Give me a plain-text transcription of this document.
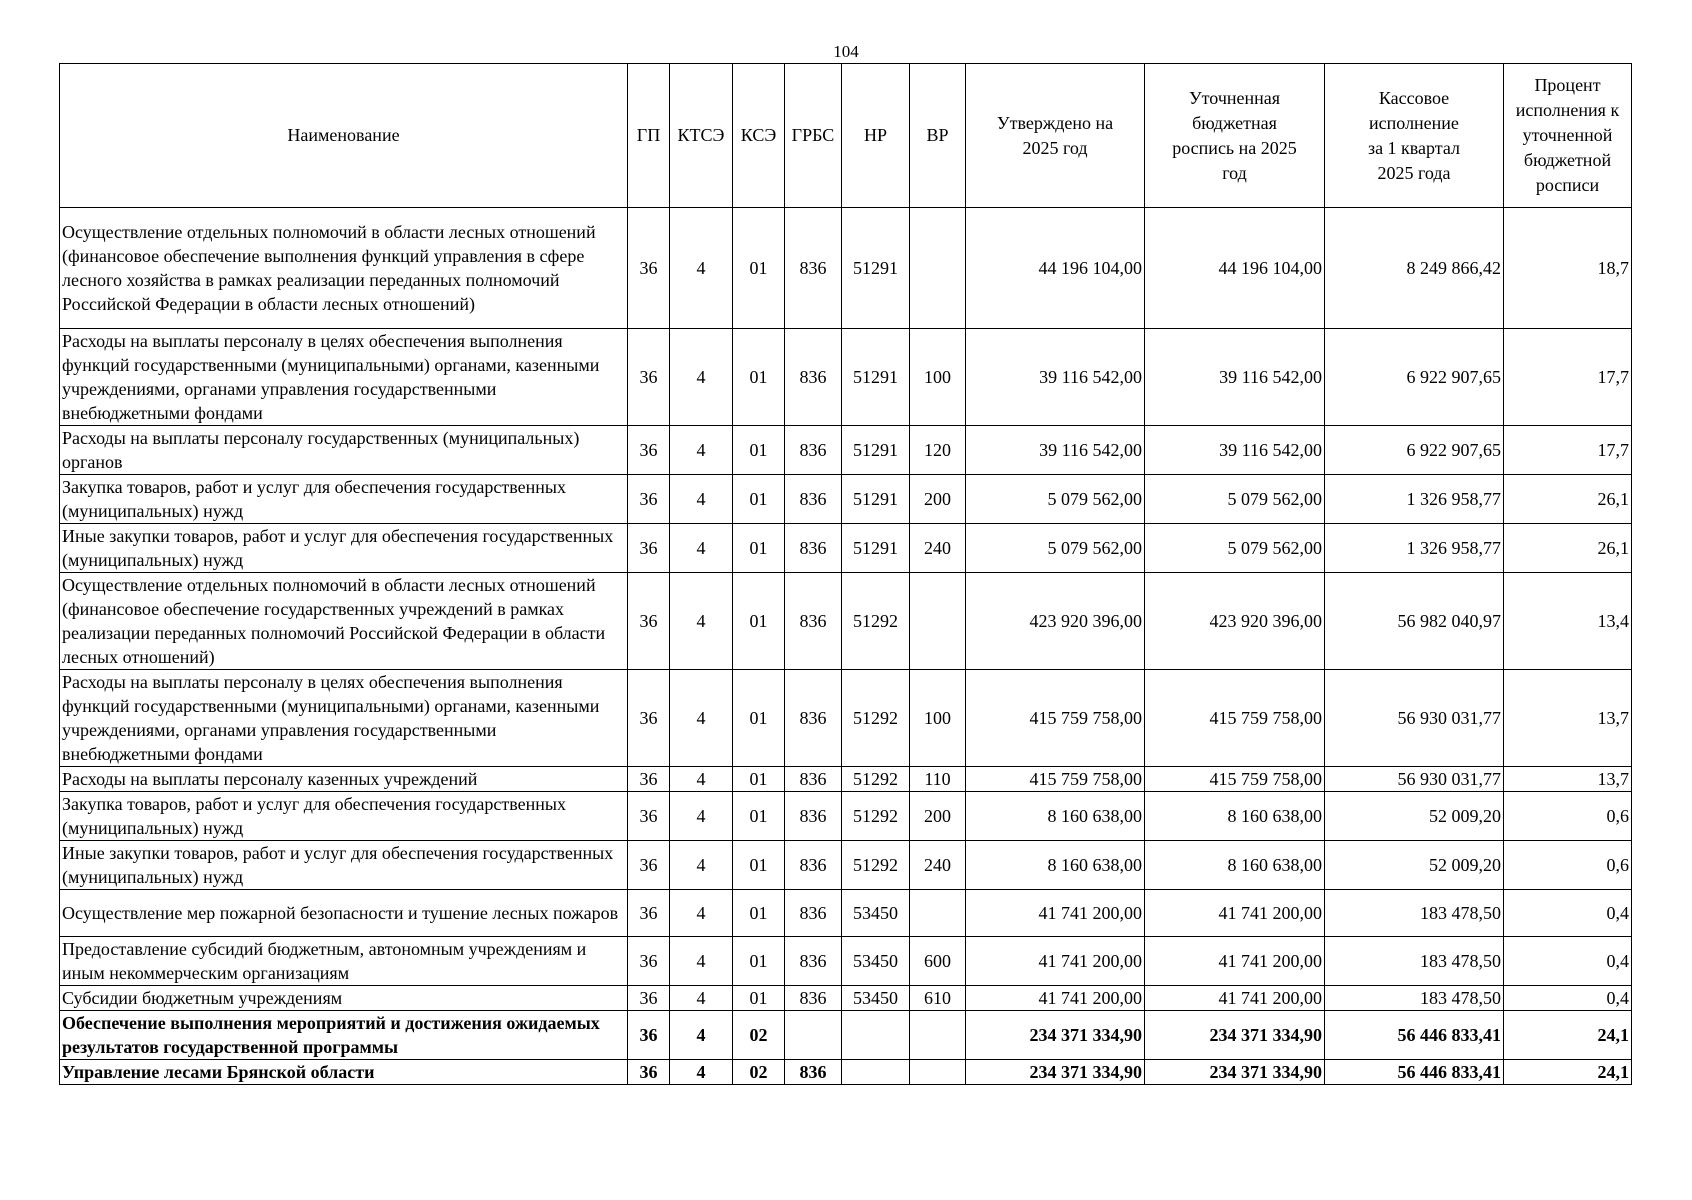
104
Наименование	ГП	КТСЭ	КСЭ	ГРБС	НР	ВР	Утверждено на 2025 год	Уточненная бюджетная роспись на 2025 год	Кассовое исполнение за 1 квартал 2025 года	Процент исполнения к уточненной бюджетной росписи
Осуществление отдельных полномочий в области лесных отношений (финансовое обеспечение выполнения функций управления в сфере лесного хозяйства в рамках реализации переданных полномочий Российской Федерации в области лесных отношений)	36	4	01	836	51291		44 196 104,00	44 196 104,00	8 249 866,42	18,7
Расходы на выплаты персоналу в целях обеспечения выполнения функций государственными (муниципальными) органами, казенными учреждениями, органами управления государственными внебюджетными фондами	36	4	01	836	51291	100	39 116 542,00	39 116 542,00	6 922 907,65	17,7
Расходы на выплаты персоналу государственных (муниципальных) органов	36	4	01	836	51291	120	39 116 542,00	39 116 542,00	6 922 907,65	17,7
Закупка товаров, работ и услуг для обеспечения государственных (муниципальных) нужд	36	4	01	836	51291	200	5 079 562,00	5 079 562,00	1 326 958,77	26,1
Иные закупки товаров, работ и услуг для обеспечения государственных (муниципальных) нужд	36	4	01	836	51291	240	5 079 562,00	5 079 562,00	1 326 958,77	26,1
Осуществление отдельных полномочий в области лесных отношений (финансовое обеспечение государственных учреждений в рамках реализации переданных полномочий Российской Федерации в области лесных отношений)	36	4	01	836	51292		423 920 396,00	423 920 396,00	56 982 040,97	13,4
Расходы на выплаты персоналу в целях обеспечения выполнения функций государственными (муниципальными) органами, казенными учреждениями, органами управления государственными внебюджетными фондами	36	4	01	836	51292	100	415 759 758,00	415 759 758,00	56 930 031,77	13,7
Расходы на выплаты персоналу казенных учреждений	36	4	01	836	51292	110	415 759 758,00	415 759 758,00	56 930 031,77	13,7
Закупка товаров, работ и услуг для обеспечения государственных (муниципальных) нужд	36	4	01	836	51292	200	8 160 638,00	8 160 638,00	52 009,20	0,6
Иные закупки товаров, работ и услуг для обеспечения государственных (муниципальных) нужд	36	4	01	836	51292	240	8 160 638,00	8 160 638,00	52 009,20	0,6
Осуществление мер пожарной безопасности и тушение лесных пожаров	36	4	01	836	53450		41 741 200,00	41 741 200,00	183 478,50	0,4
Предоставление субсидий бюджетным, автономным учреждениям и иным некоммерческим организациям	36	4	01	836	53450	600	41 741 200,00	41 741 200,00	183 478,50	0,4
Субсидии бюджетным учреждениям	36	4	01	836	53450	610	41 741 200,00	41 741 200,00	183 478,50	0,4
Обеспечение выполнения мероприятий и достижения ожидаемых результатов государственной программы	36	4	02				234 371 334,90	234 371 334,90	56 446 833,41	24,1
Управление лесами Брянской области	36	4	02	836			234 371 334,90	234 371 334,90	56 446 833,41	24,1
